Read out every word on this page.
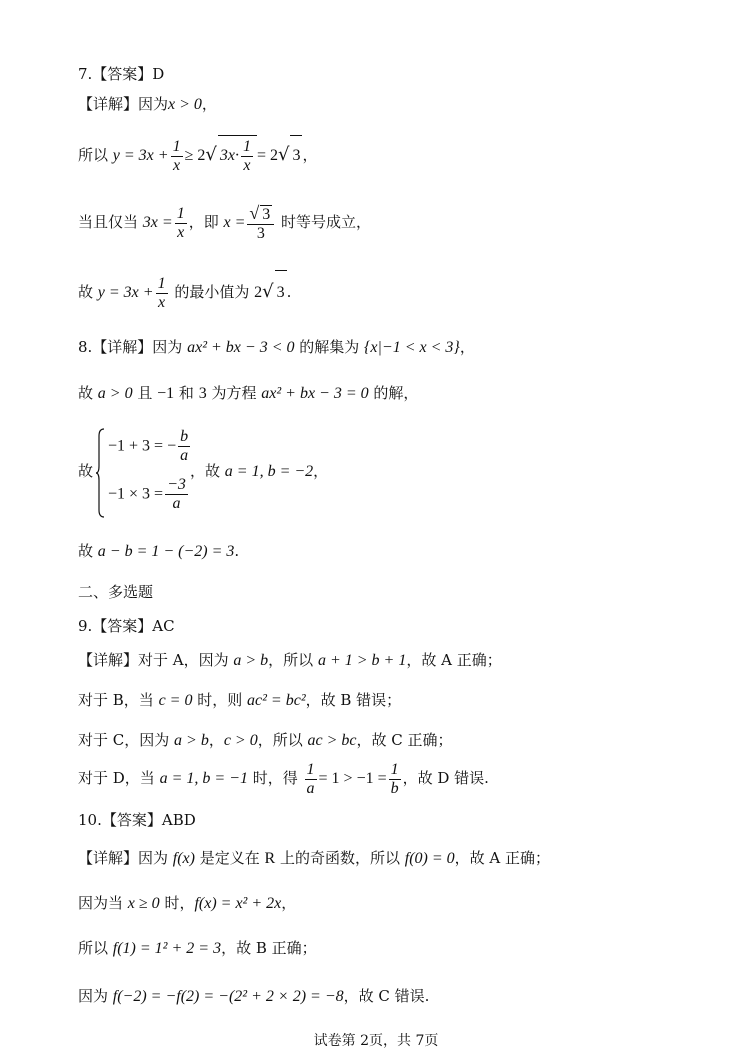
7.【答案】D
【详解】因为x > 0，
所以 $y = 3x + \frac{1}{x} \ge 2√$ $3x\cdot \frac{1}{x} = 2√$ 3 ，
当且仅当 $3x = \frac{1}{x}$ ，即 $x = \frac{√ 3}{3}$ 时等号成立，
故 $y = 3x + \frac{1}{x}$ 的最小值为 2√ 3 .
8.【详解】因为 ax² + bx − 3 < 0 的解集为 {x|−1 < x < 3}，
故 a > 0 且 −1 和 3 为方程 ax² + bx − 3 = 0 的解，
故
−1 + 3 = − $\frac{b}{a}$
$-1 \times 3 = \frac{-3}{a}$
，故 a = 1, b = −2，
故 a − b = 1 − (−2) = 3.
二、多选题
9.【答案】AC
【详解】对于 A，因为 a > b，所以 a + 1 > b + 1，故 A 正确；
对于 B，当 c = 0 时，则 ac² = bc²，故 B 错误；
对于 C，因为 a > b，c > 0，所以 ac > bc，故 C 正确；
对于 D，当 a = 1, b = −1 时，得 $\frac{1}{a} = 1 > -1 = \frac{1}{b}$ ，故 D 错误.
10.【答案】ABD
【详解】因为 f(x) 是定义在 R 上的奇函数，所以 f(0) = 0，故 A 正确；
因为当 x ≥ 0 时，f(x) = x² + 2x，
所以 f(1) = 1² + 2 = 3，故 B 正确；
因为 f(−2) = −f(2) = −(2² + 2 × 2) = −8，故 C 错误.
试卷第 2页，共 7页
